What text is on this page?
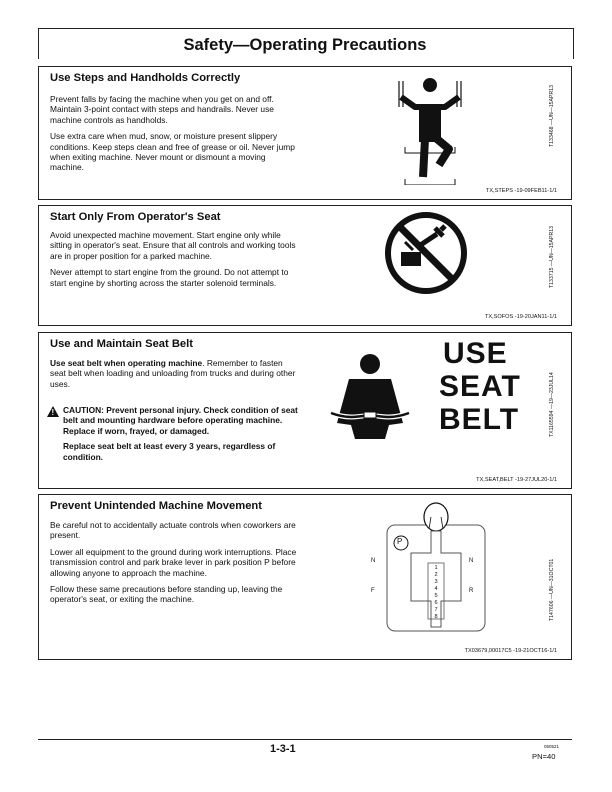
Safety—Operating Precautions
Use Steps and Handholds Correctly

Prevent falls by facing the machine when you get on and off. Maintain 3-point contact with steps and handrails. Never use machine controls as handholds.

Use extra care when mud, snow, or moisture present slippery conditions. Keep steps clean and free of grease or oil. Never jump when exiting machine. Never mount or dismount a moving machine.

T133468 —UN—15APR13
TX,STEPS -19-09FEB11-1/1
Start Only From Operator's Seat

Avoid unexpected machine movement. Start engine only while sitting in operator's seat. Ensure that all controls and working tools are in proper position for a parked machine.

Never attempt to start engine from the ground. Do not attempt to start engine by shorting across the starter solenoid terminals.	T133715 —UN—15APR13
TX,SOFOS -19-20JAN11-1/1
Use and Maintain Seat Belt

Use seat belt when operating machine. Remember to fasten seat belt when loading and unloading from trucks and during other uses.

! CAUTION: Prevent personal injury. Check condition of seat belt and mounting hardware before operating machine. Replace if worn, frayed, or damaged.
Replace seat belt at least every 3 years, regardless of condition.
USE
SEAT
BELT	TX1165594 —19—23JUL14
TX,SEAT,BELT -19-27JUL20-1/1
Prevent Unintended Machine Movement

Be careful not to accidentally actuate controls when coworkers are present.

Lower all equipment to the ground during work interruptions. Place transmission control and park brake lever in park position P before allowing anyone to approach the machine.

Follow these same precautions before standing up, leaving the operator's seat, or exiting the machine.

P
N	N
F	R
1
2
3
4
5
6
7
8	T147606 —UN—31OCT01
TX03679,00017C5 -19-21OCT16-1/1
1-3-1	050521
PN=40
